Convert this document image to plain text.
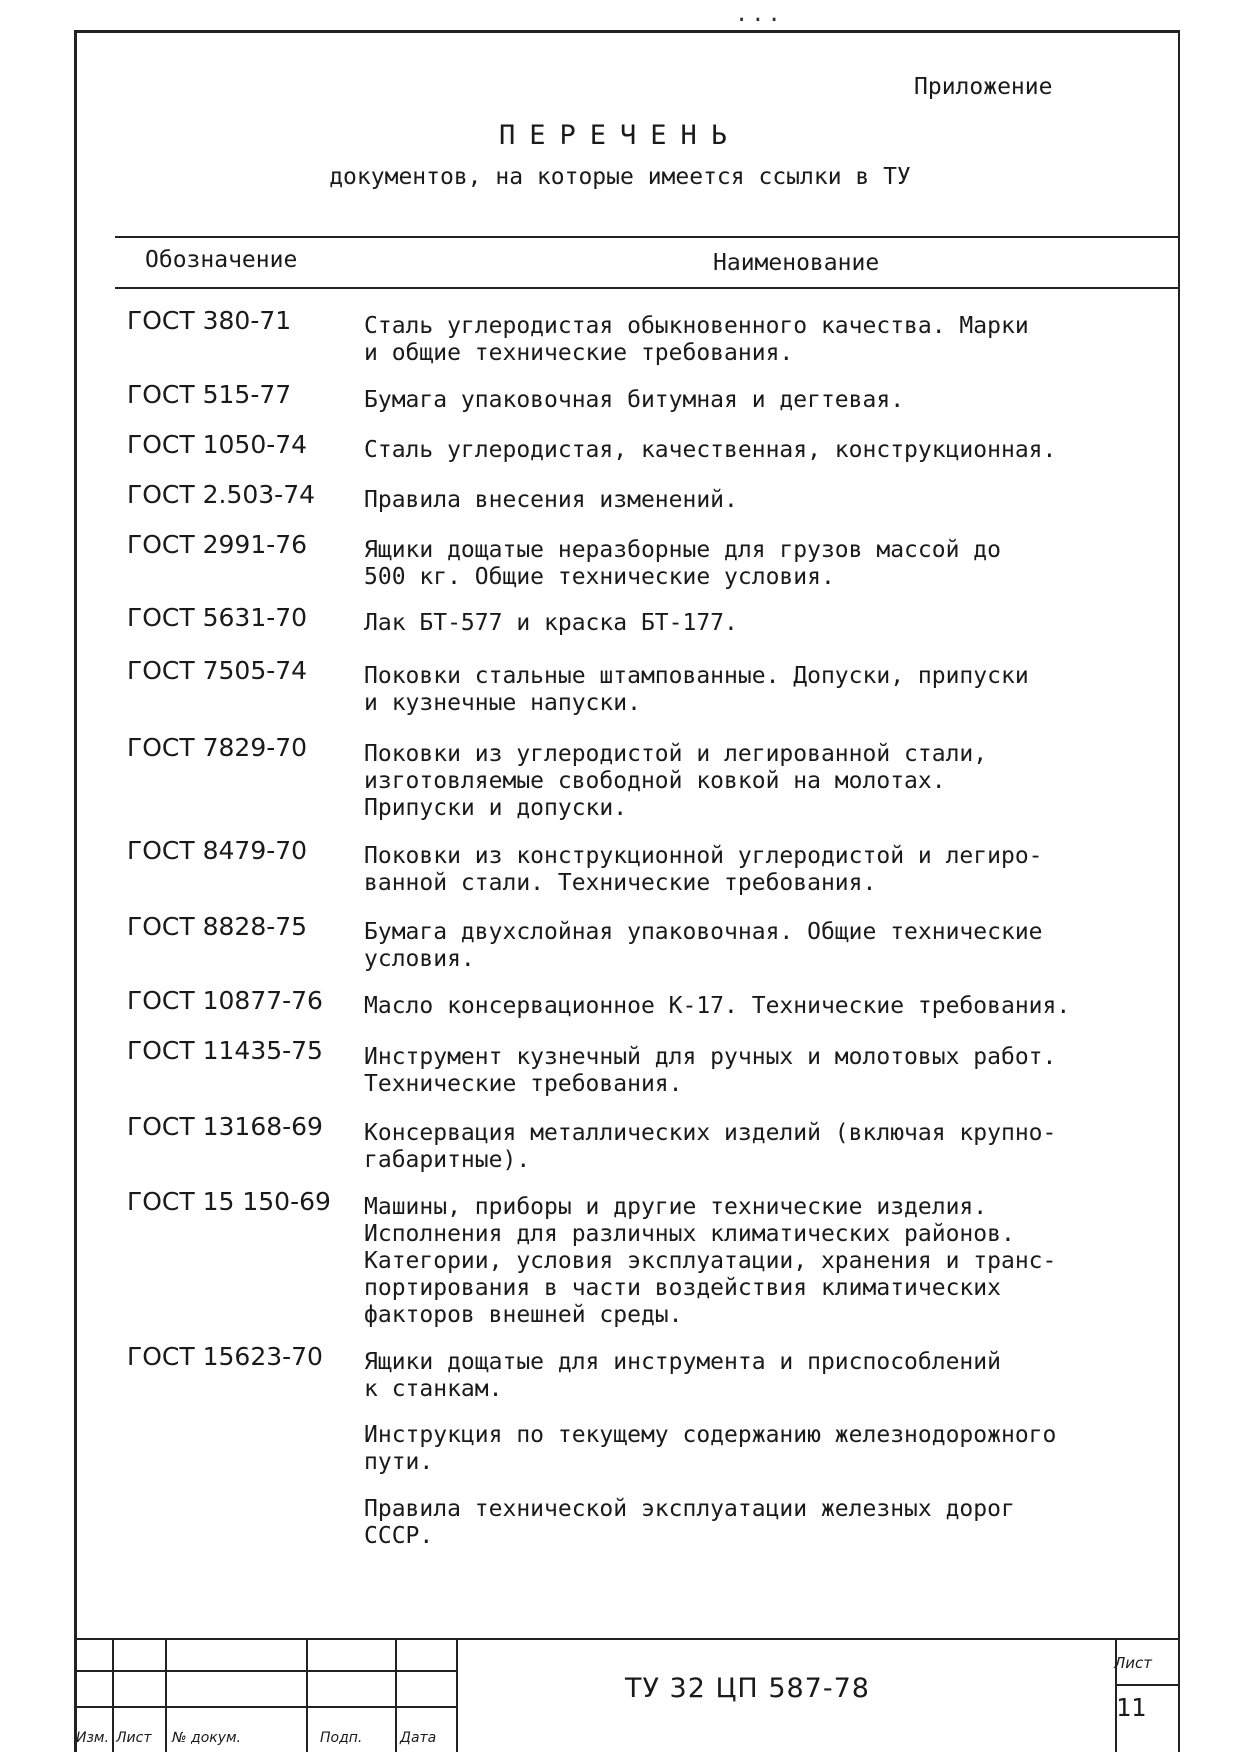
...
Приложение
ПЕРЕЧЕНЬ
документов, на которые имеется ссылки в ТУ
Обозначение	Наименование
ГОСТ 380-71	Сталь углеродистая обыкновенного качества. Марки
и общие технические требования.
ГОСТ 515-77	Бумага упаковочная битумная и дегтевая.
ГОСТ 1050-74 Сталь углеродистая, качественная, конструкционная.
ГОСТ 2.503-74 Правила внесения изменений.
ГОСТ 2991-76 Ящики дощатые неразборные для грузов массой до
500 кг. Общие технические условия.
ГОСТ 5631-70 Лак БТ-577 и краска БТ-177.
ГОСТ 7505-74 Поковки стальные штампованные. Допуски, припуски
и кузнечные напуски.
ГОСТ 7829-70 Поковки из углеродистой и легированной стали,
изготовляемые свободной ковкой на молотах.
Припуски и допуски.
ГОСТ 8479-70 Поковки из конструкционной углеродистой и легиро-
ванной стали. Технические требования.
ГОСТ 8828-75 Бумага двухслойная упаковочная. Общие технические
условия.
ГОСТ 10877-76 Масло консервационное К-17. Технические требования.
ГОСТ 11435-75 Инструмент кузнечный для ручных и молотовых работ.
Технические требования.
ГОСТ 13168-69 Консервация металлических изделий (включая крупно-
габаритные).
ГОСТ 15 150-69 Машины, приборы и другие технические изделия.
Исполнения для различных климатических районов.
Категории, условия эксплуатации, хранения и транс-
портирования в части воздействия климатических
факторов внешней среды.
ГОСТ 15623-70 Ящики дощатые для инструмента и приспособлений
к станкам.
Инструкция по текущему содержанию железнодорожного
пути.
Правила технической эксплуатации железных дорог
СССР.
Изм. Лист № докум.	Подп.	Дата
ТУ 32 ЦП 587-78
Лист
11
